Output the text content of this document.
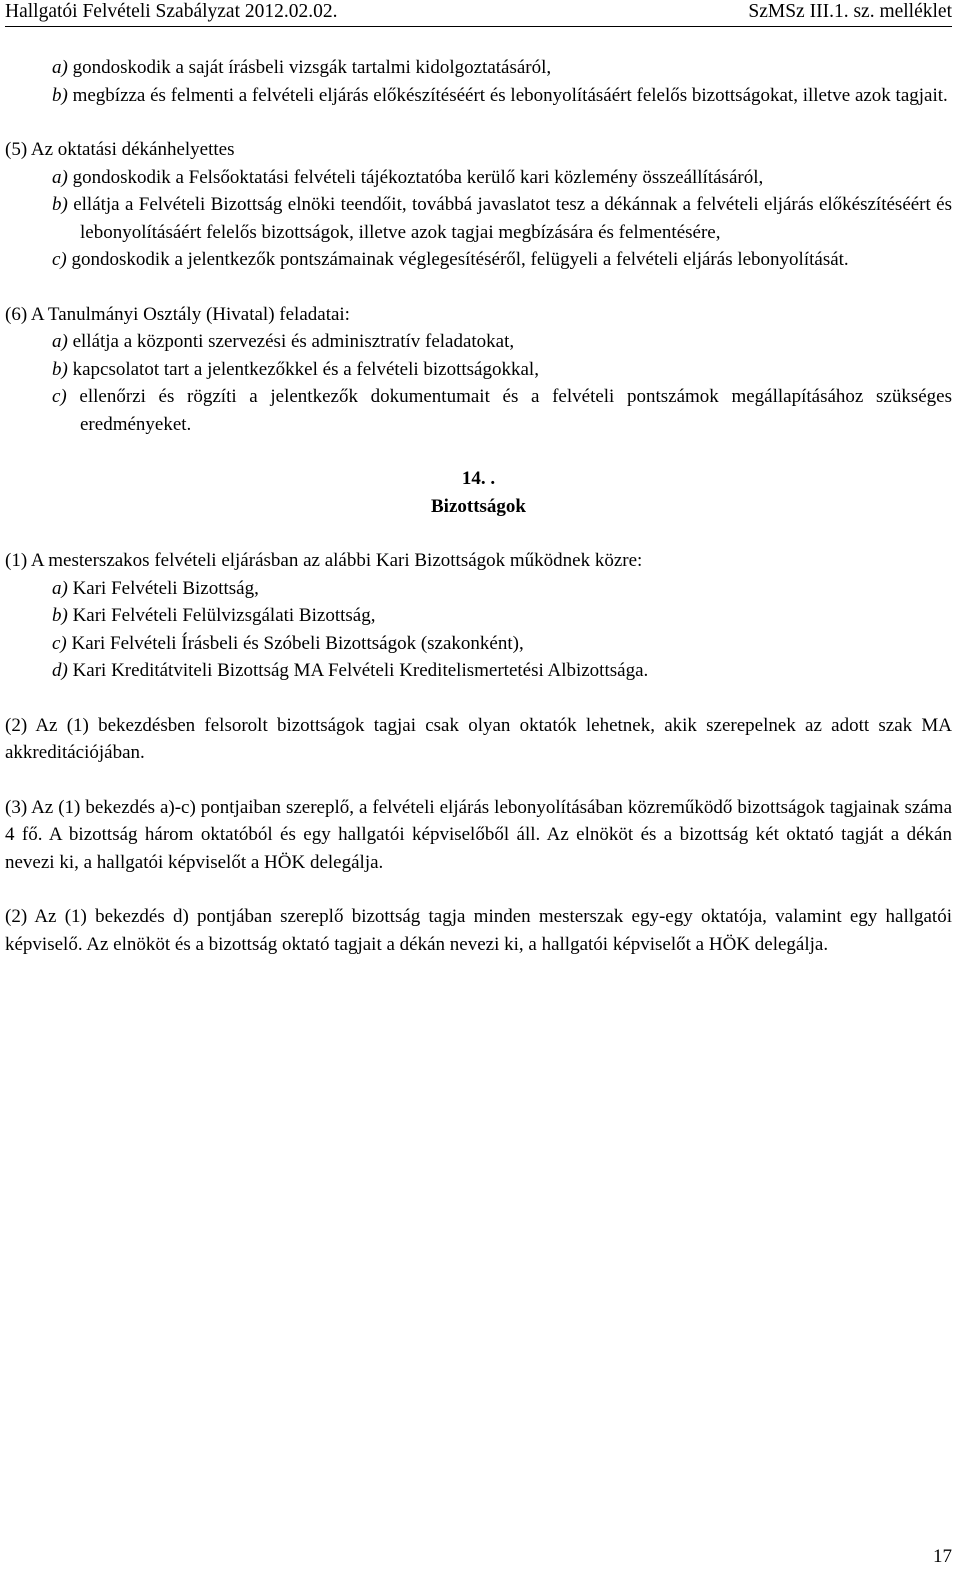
Hallgatói Felvételi Szabályzat 2012.02.02.	SzMSz III.1. sz. melléklet
a) gondoskodik a saját írásbeli vizsgák tartalmi kidolgoztatásáról,
b) megbízza és felmenti a felvételi eljárás előkészítéséért és lebonyolításáért felelős bizottságokat, illetve azok tagjait.
(5) Az oktatási dékánhelyettes
a) gondoskodik a Felsőoktatási felvételi tájékoztatóba kerülő kari közlemény összeállításáról,
b) ellátja a Felvételi Bizottság elnöki teendőit, továbbá javaslatot tesz a dékánnak a felvételi eljárás előkészítéséért és lebonyolításáért felelős bizottságok, illetve azok tagjai megbízására és felmentésére,
c) gondoskodik a jelentkezők pontszámainak véglegesítéséről, felügyeli a felvételi eljárás lebonyolítását.
(6) A Tanulmányi Osztály (Hivatal) feladatai:
a) ellátja a központi szervezési és adminisztratív feladatokat,
b) kapcsolatot tart a jelentkezőkkel és a felvételi bizottságokkal,
c) ellenőrzi és rögzíti a jelentkezők dokumentumait és a felvételi pontszámok megállapításához szükséges eredményeket.
14. .
Bizottságok
(1) A mesterszakos felvételi eljárásban az alábbi Kari Bizottságok működnek közre:
a) Kari Felvételi Bizottság,
b) Kari Felvételi Felülvizsgálati Bizottság,
c) Kari Felvételi Írásbeli és Szóbeli Bizottságok (szakonként),
d) Kari Kreditátviteli Bizottság MA Felvételi Kreditelismertetési Albizottsága.
(2) Az (1) bekezdésben felsorolt bizottságok tagjai csak olyan oktatók lehetnek, akik szerepelnek az adott szak MA akkreditációjában.
(3) Az (1) bekezdés a)-c) pontjaiban szereplő, a felvételi eljárás lebonyolításában közreműködő bizottságok tagjainak száma 4 fő. A bizottság három oktatóból és egy hallgatói képviselőből áll. Az elnököt és a bizottság két oktató tagját a dékán nevezi ki, a hallgatói képviselőt a HÖK delegálja.
(2) Az (1) bekezdés d) pontjában szereplő bizottság tagja minden mesterszak egy-egy oktatója, valamint egy hallgatói képviselő. Az elnököt és a bizottság oktató tagjait a dékán nevezi ki, a hallgatói képviselőt a HÖK delegálja.
17
